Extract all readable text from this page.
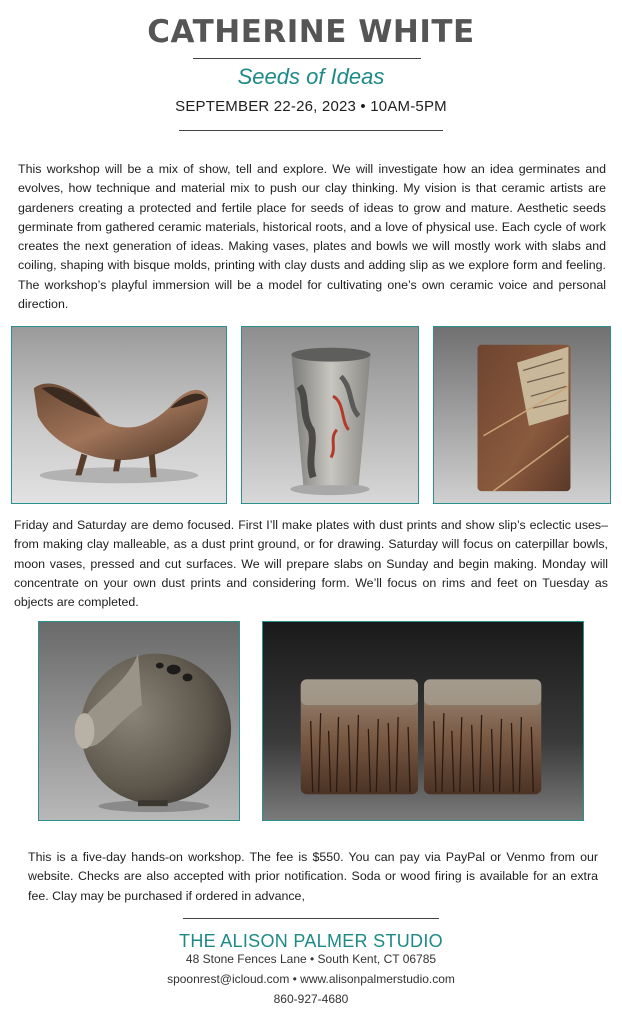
CATHERINE WHITE
Seeds of Ideas
SEPTEMBER 22-26, 2023 • 10AM-5PM
This workshop will be a mix of show, tell and explore. We will investigate how an idea germinates and evolves, how technique and material mix to push our clay thinking. My vision is that ceramic artists are gardeners creating a protected and fertile place for seeds of ideas to grow and mature. Aesthetic seeds germinate from gathered ceramic materials, historical roots, and a love of physical use. Each cycle of work creates the next generation of ideas. Making vases, plates and bowls we will mostly work with slabs and coiling, shaping with bisque molds, printing with clay dusts and adding slip as we explore form and feeling. The workshop’s playful immersion will be a model for cultivating one’s own ceramic voice and personal direction.
Friday and Saturday are demo focused. First I’ll make plates with dust prints and show slip’s eclectic uses–from making clay malleable, as a dust print ground, or for drawing. Saturday will focus on caterpillar bowls, moon vases, pressed and cut surfaces. We will prepare slabs on Sunday and begin making. Monday will concentrate on your own dust prints and considering form. We’ll focus on rims and feet on Tuesday as objects are completed.
This is a five-day hands-on workshop. The fee is $550. You can pay via PayPal or Venmo from our website. Checks are also accepted with prior notification. Soda or wood firing is available for an extra fee. Clay may be purchased if ordered in advance,
THE ALISON PALMER STUDIO
48 Stone Fences Lane • South Kent, CT 06785
spoonrest@icloud.com • www.alisonpalmerstudio.com
860-927-4680
